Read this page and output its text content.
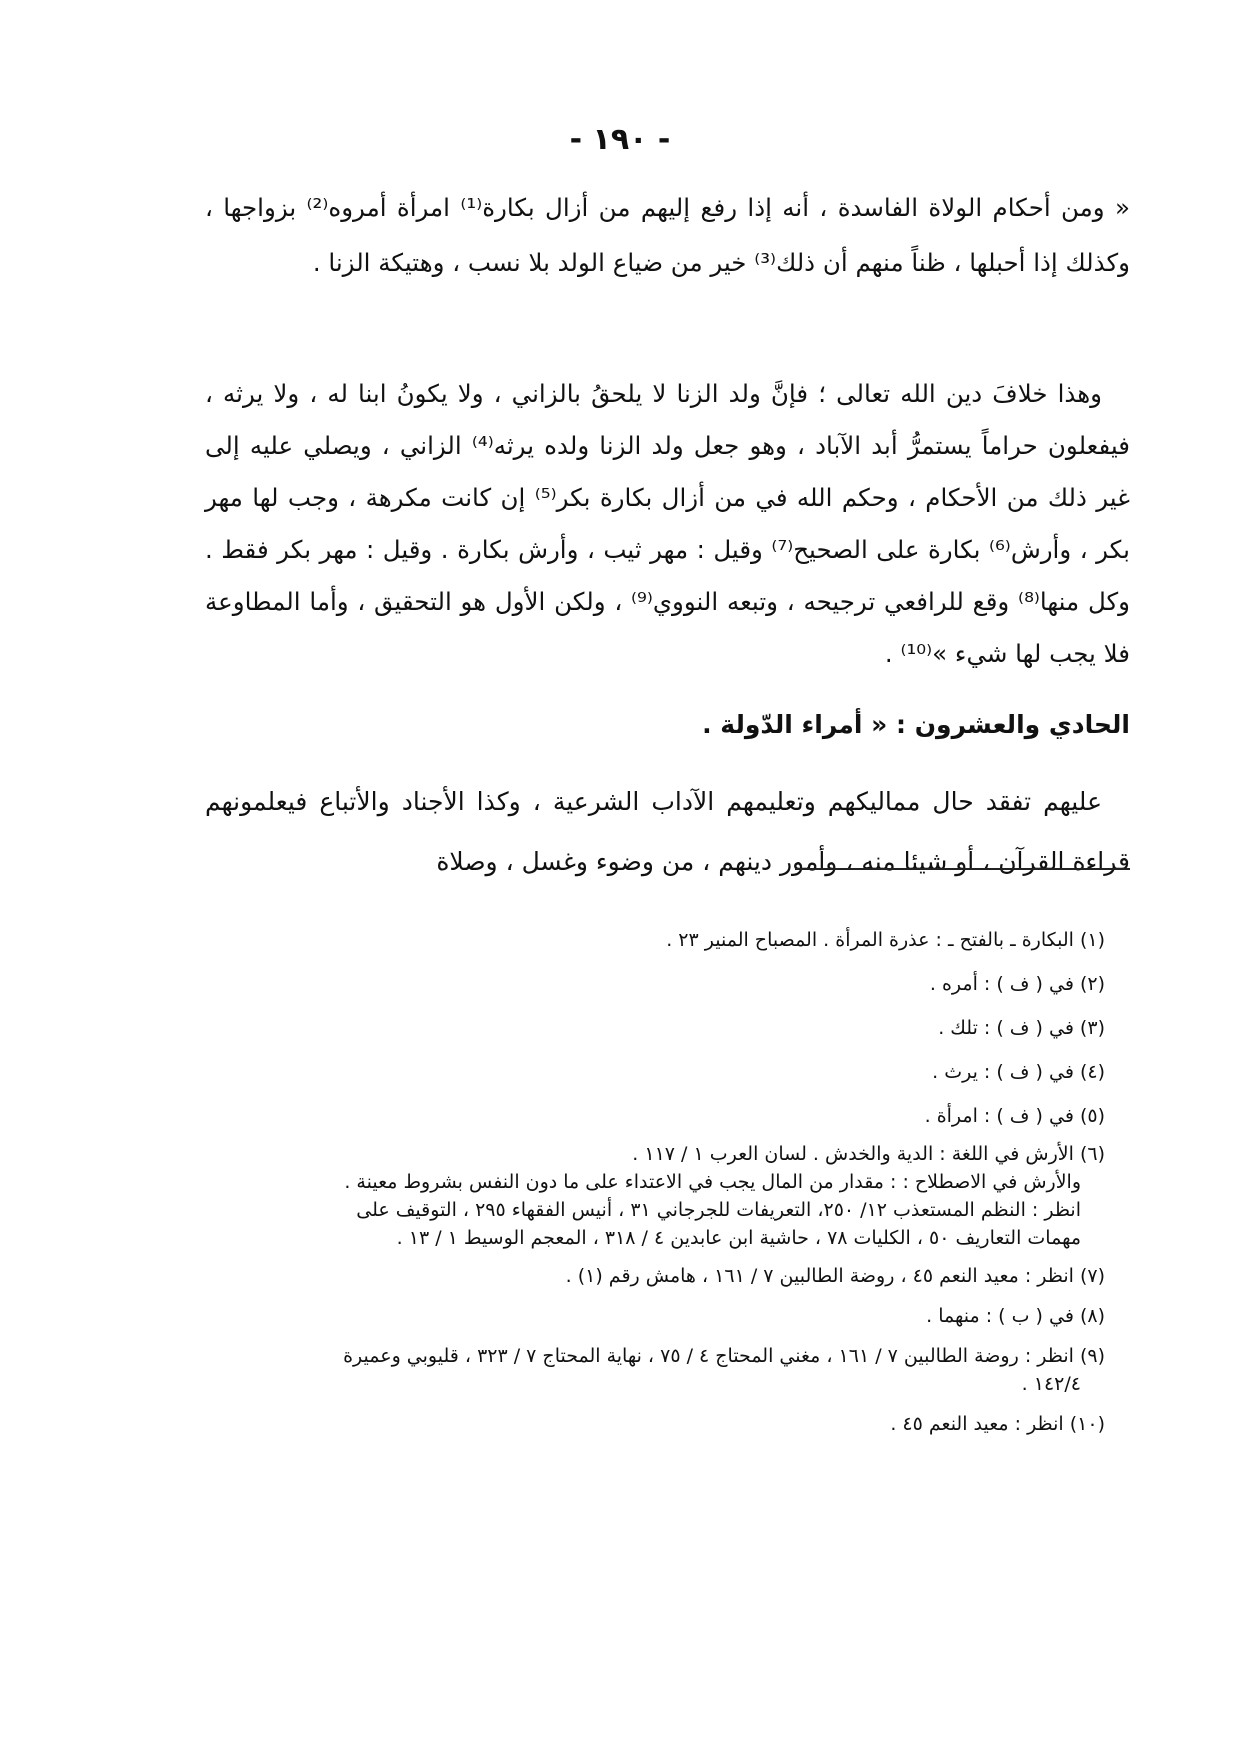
- ١٩٠ -
« ومن أحكام الولاة الفاسدة ، أنه إذا رفع إليهم من أزال بكارة⁽¹⁾ امرأة أمروه⁽²⁾ بزواجها ، وكذلك إذا أحبلها ، ظناً منهم أن ذلك⁽³⁾ خير من ضياع الولد بلا نسب ، وهتيكة الزنا .
وهذا خلافَ دين الله تعالى ؛ فإنَّ ولد الزنا لا يلحقُ بالزاني ، ولا يكونُ ابنا له ، ولا يرثه ، فيفعلون حراماً يستمرُّ أبد الآباد ، وهو جعل ولد الزنا ولده يرثه⁽⁴⁾ الزاني ، ويصلي عليه إلى غير ذلك من الأحكام ، وحكم الله في من أزال بكارة بكر⁽⁵⁾ إن كانت مكرهة ، وجب لها مهر بكر ، وأرش⁽⁶⁾ بكارة على الصحيح⁽⁷⁾ وقيل : مهر ثيب ، وأرش بكارة . وقيل : مهر بكر فقط . وكل منها⁽⁸⁾ وقع للرافعي ترجيحه ، وتبعه النووي⁽⁹⁾ ، ولكن الأول هو التحقيق ، وأما المطاوعة فلا يجب لها شيء »⁽¹⁰⁾ .
الحادي والعشرون : « أمراء الدّولة .
عليهم تفقد حال مماليكهم وتعليمهم الآداب الشرعية ، وكذا الأجناد والأتباع فيعلمونهم قراءة القرآن ، أو شيئا منه ، وأمور دينهم ، من وضوء وغسل ، وصلاة

(١) البكارة ـ بالفتح ـ : عذرة المرأة . المصباح المنير ٢٣ .

(٢) في ( ف ) : أمره .

(٣) في ( ف ) : تلك .

(٤) في ( ف ) : يرث .

(٥) في ( ف ) : امرأة .

(٦) الأرش في اللغة : الدية والخدش . لسان العرب ١ / ١١٧ .

والأرش في الاصطلاح : : مقدار من المال يجب في الاعتداء على ما دون النفس بشروط معينة .

انظر : النظم المستعذب ١٢/ ٢٥٠، التعريفات للجرجاني ٣١ ، أنيس الفقهاء ٢٩٥ ، التوقيف على

مهمات التعاريف ٥٠ ، الكليات ٧٨ ، حاشية ابن عابدين ٤ / ٣١٨ ، المعجم الوسيط ١ / ١٣ .

(٧) انظر : معيد النعم ٤٥ ، روضة الطالبين ٧ / ١٦١ ، هامش رقم (١) .

(٨) في ( ب ) : منهما .

(٩) انظر : روضة الطالبين ٧ / ١٦١ ، مغني المحتاج ٤ / ٧٥ ، نهاية المحتاج ٧ / ٣٢٣ ، قليوبي وعميرة

١٤٢/٤ .

(١٠) انظر : معيد النعم ٤٥ .
